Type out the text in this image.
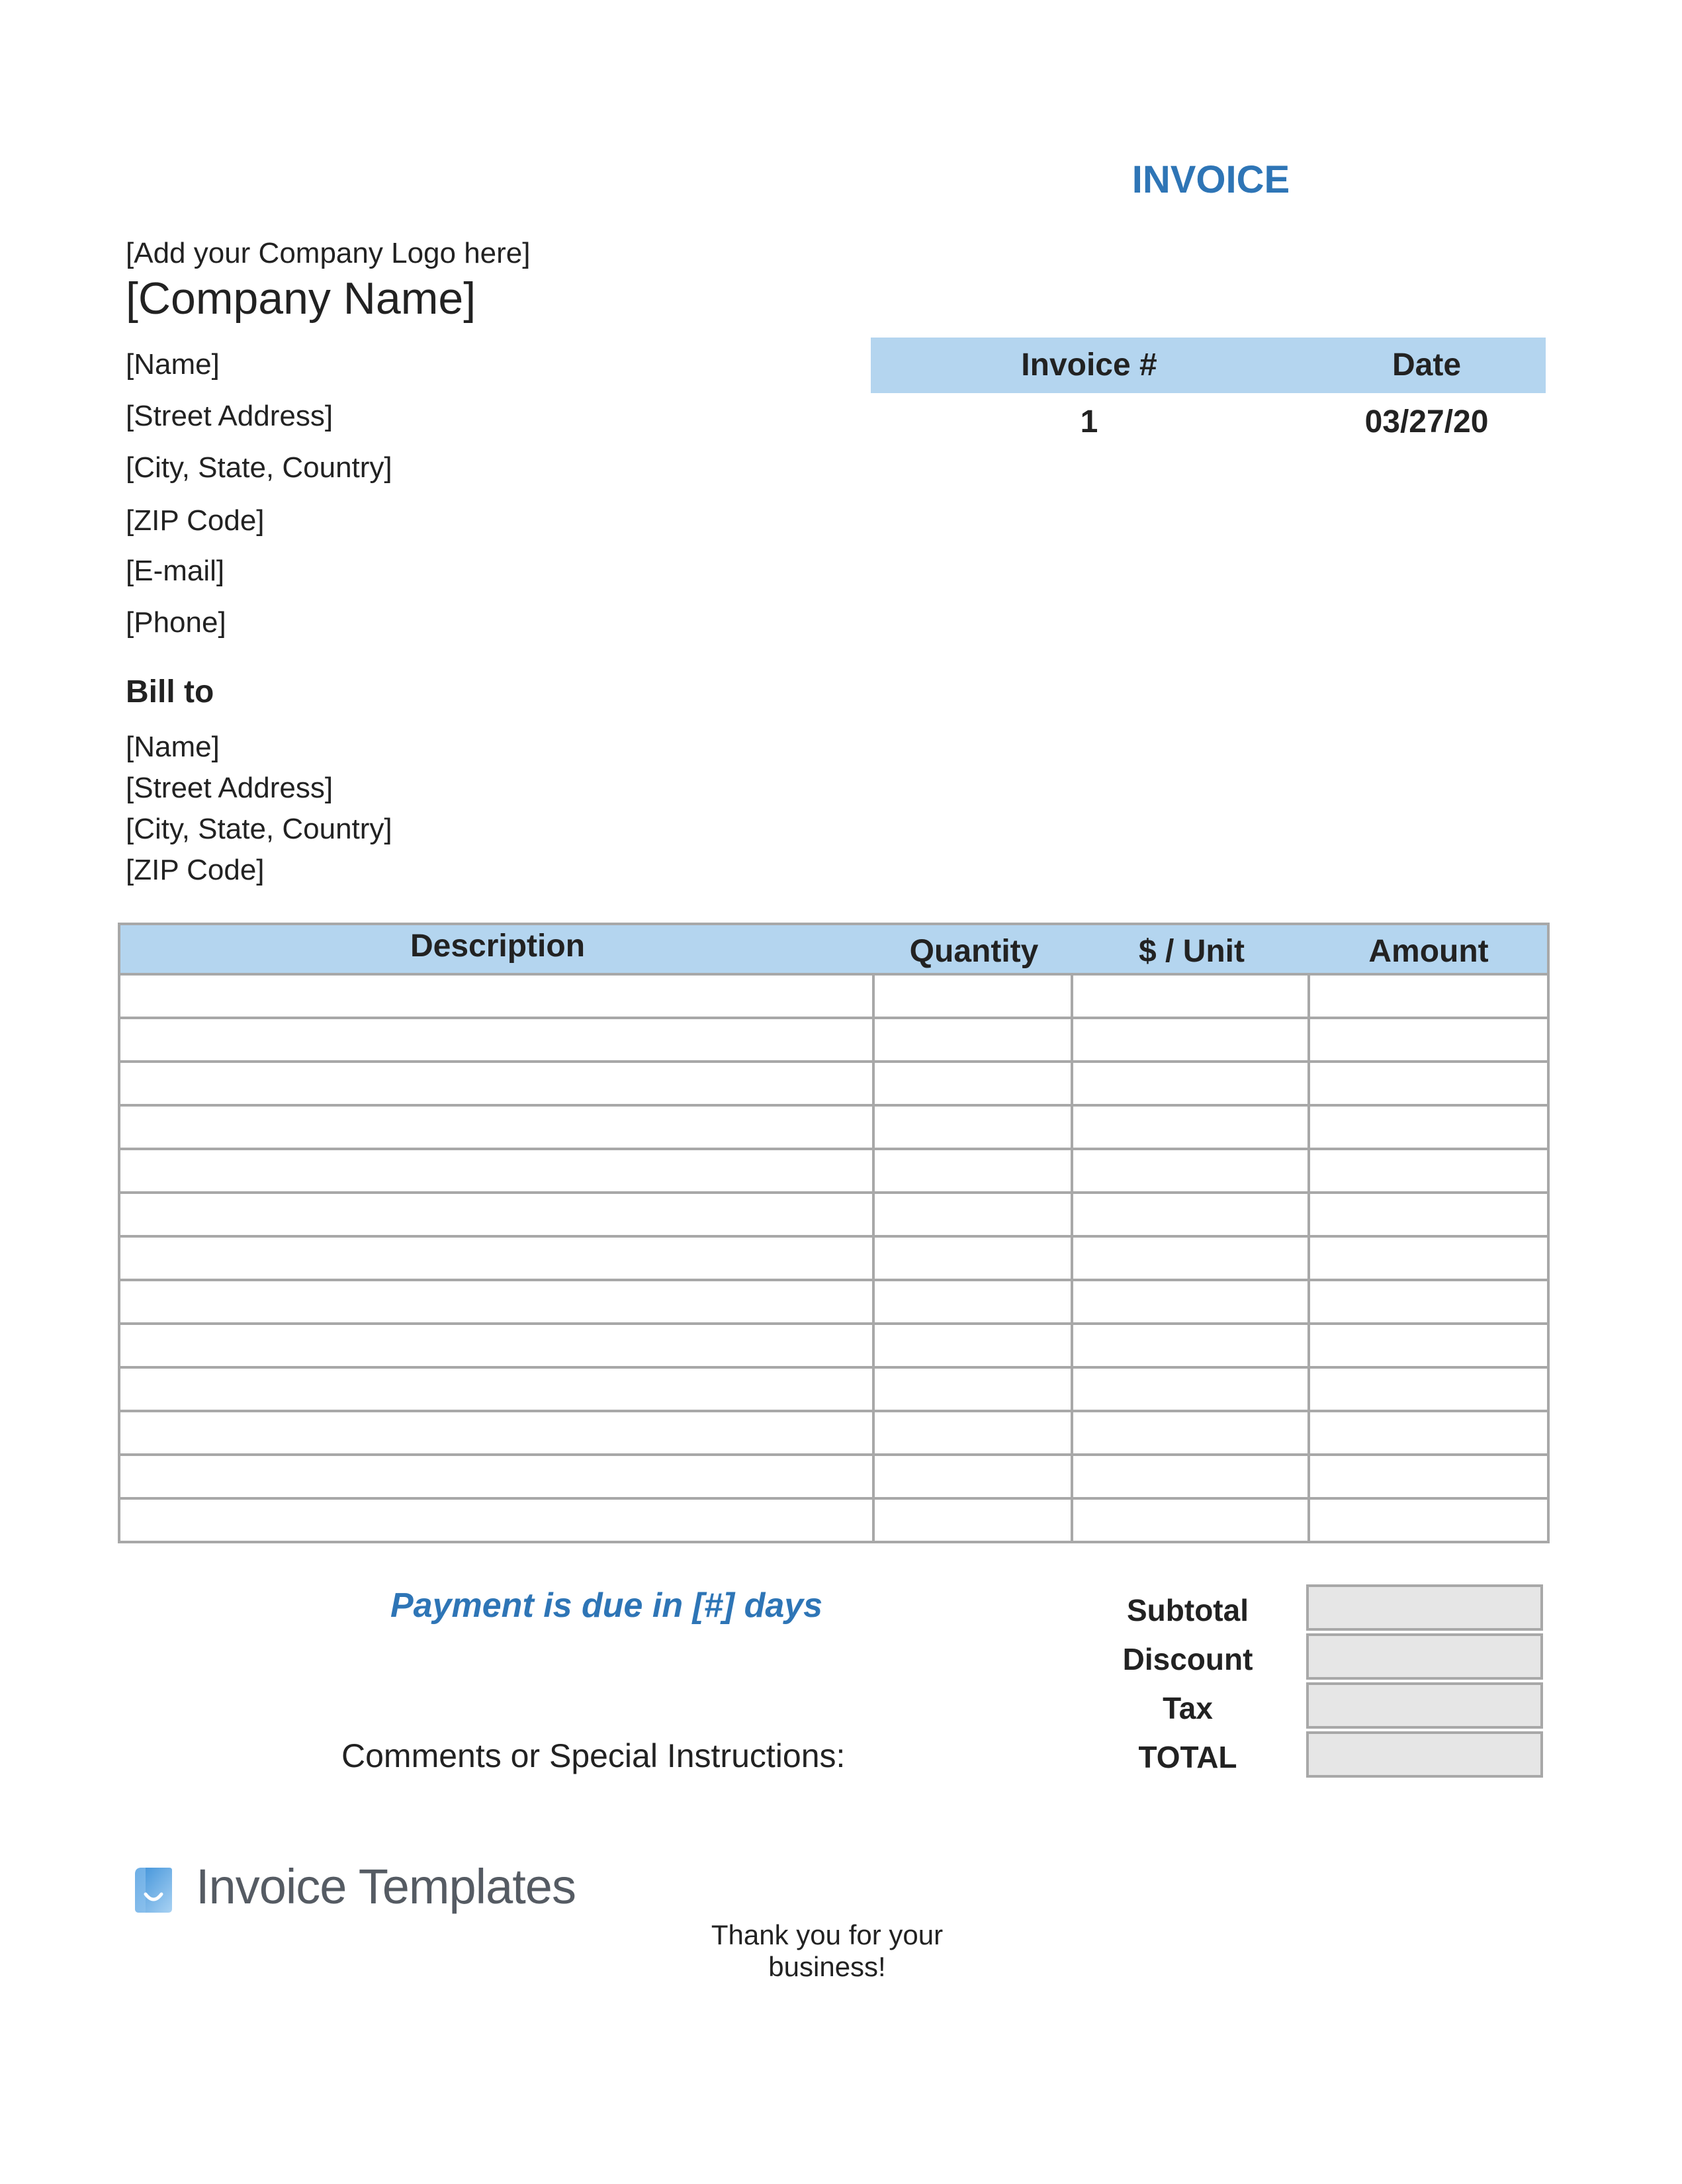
INVOICE
[Add your Company Logo here]
[Company Name]
[Name]
[Street Address]
[City, State, Country]
[ZIP Code]
[E-mail]
[Phone]
Invoice #	Date
1	03/27/20
Bill to
[Name]
[Street Address]
[City, State, Country]
[ZIP Code]
Description	Quantity	$ / Unit	Amount
Payment is due in [#] days
Comments or Special Instructions:
Subtotal
Discount
Tax
TOTAL
Invoice Templates
Thank you for your business!
